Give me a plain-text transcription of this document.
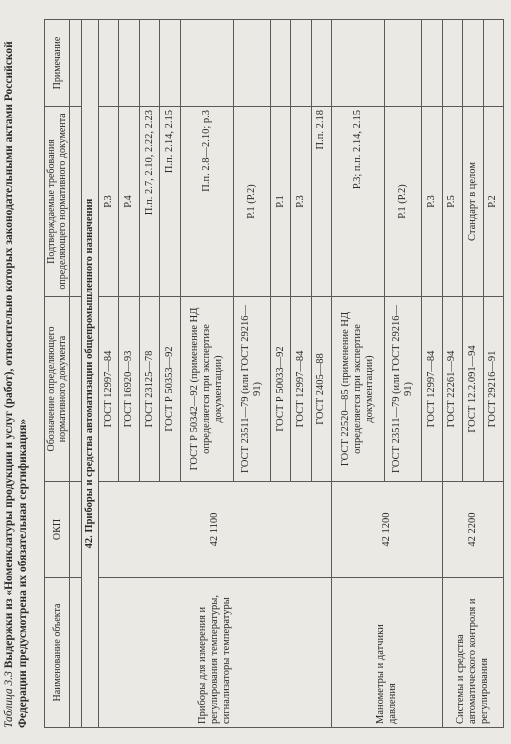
Таблица 3.3 Выдержки из «Номенклатуры продукции и услуг (работ), относительно которых законодательными актами Российской Федерации предусмотрена их обязательная сертификация» Наименование объекта	ОКП	Обозначение определяющего нормативного документа	Подтверждаемые требования определяющего нормативного документа	Примечание

42. Приборы и средства автоматизации общепромышленного назначения				
Приборы для измерения и регулирования температуры, сигнализаторы температуры	42 1100	ГОСТ 12997—84	Р.3	
		ГОСТ 16920—93	Р.4	
		ГОСТ 23125—78	П.п. 2.7, 2.10, 2.22, 2.23	
		ГОСТ Р 50353—92	П.п. 2.14, 2.15	
		ГОСТ Р 50342—92 (применение НД определяется при экспертизе документации)	П.п. 2.8—2.10; р.3	
		ГОСТ 23511—79 (или ГОСТ 29216—91)	Р.1 (Р.2)	
		ГОСТ Р 50033—92	Р.1	
		ГОСТ 12997—84	Р.3	
		ГОСТ 2405—88	П.п. 2.18	
Манометры и датчики давления	42 1200	ГОСТ 22520—85 (применение НД определяется при экспертизе документации)	Р.3; п.п. 2.14, 2.15	
		ГОСТ 23511—79 (или ГОСТ 29216—91)	Р.1 (Р.2)	
		ГОСТ 12997—84	Р.3	
Системы и средства автоматического контроля и регулирования	42 2200	ГОСТ 22261—94	Р.5	
		ГОСТ 12.2.091—94	Стандарт в целом	
		ГОСТ 29216—91	Р.2	
